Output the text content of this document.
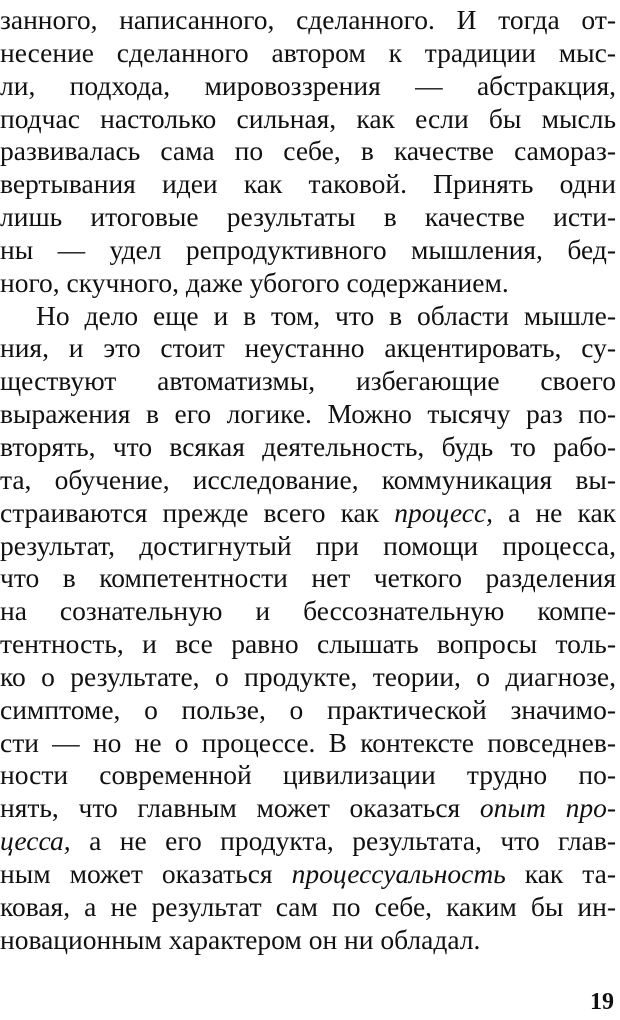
занного, написанного, сделанного. И тогда от-
несение сделанного автором к традиции мыс-
ли, подхода, мировоззрения — абстракция,
подчас настолько сильная, как если бы мысль
развивалась сама по себе, в качестве самораз-
вертывания идеи как таковой. Принять одни
лишь итоговые результаты в качестве исти-
ны — удел репродуктивного мышления, бед-
ного, скучного, даже убогого содержанием.
Но дело еще и в том, что в области мышле-
ния, и это стоит неустанно акцентировать, су-
ществуют автоматизмы, избегающие своего
выражения в его логике. Можно тысячу раз по-
вторять, что всякая деятельность, будь то рабо-
та, обучение, исследование, коммуникация вы-
страиваются прежде всего как процесс, а не как
результат, достигнутый при помощи процесса,
что в компетентности нет четкого разделения
на сознательную и бессознательную компе-
тентность, и все равно слышать вопросы толь-
ко о результате, о продукте, теории, о диагнозе,
симптоме, о пользе, о практической значимо-
сти — но не о процессе. В контексте повседнев-
ности современной цивилизации трудно по-
нять, что главным может оказаться опыт про-
цесса, а не его продукта, результата, что глав-
ным может оказаться процессуальность как та-
ковая, а не результат сам по себе, каким бы ин-
новационным характером он ни обладал.
19
